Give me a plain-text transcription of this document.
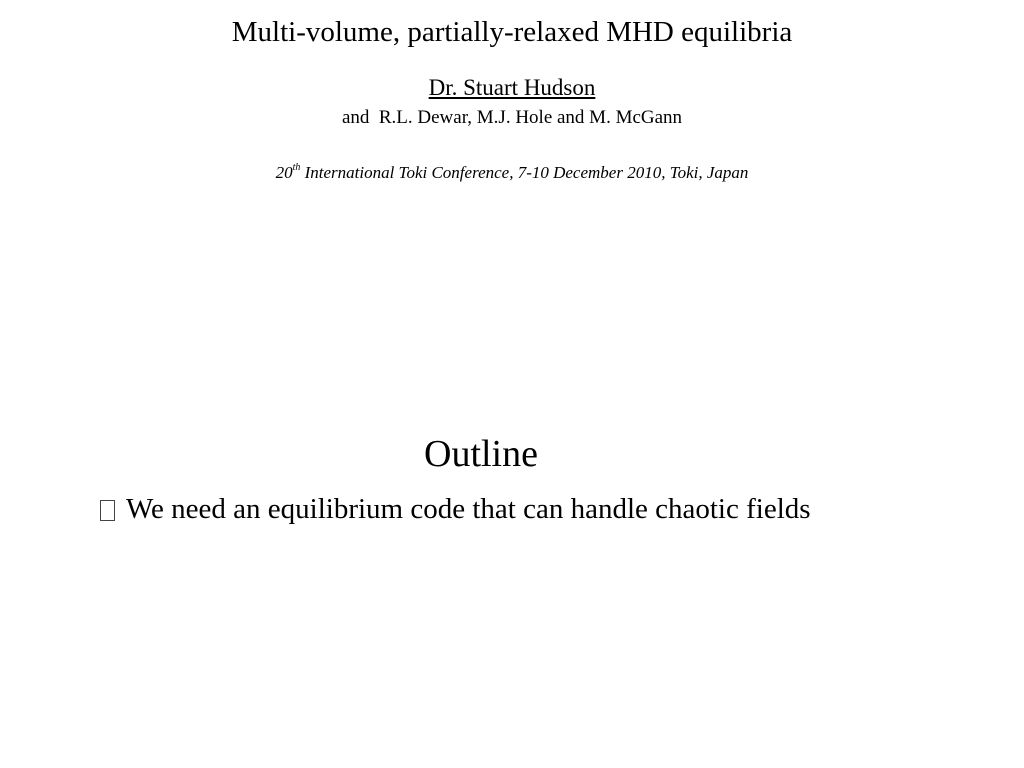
Multi-volume, partially-relaxed MHD equilibria
Dr. Stuart Hudson
and  R.L. Dewar, M.J. Hole and M. McGann
20th International Toki Conference, 7-10 December 2010, Toki, Japan
Outline
We need an equilibrium code that can handle chaotic fields
